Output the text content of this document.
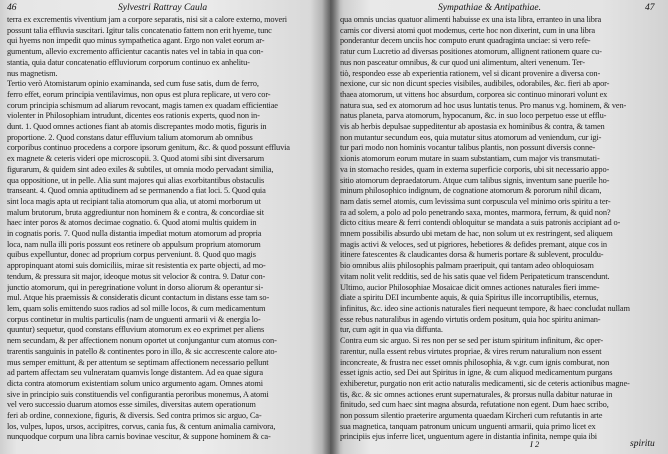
46	Sylvestri Rattray Caula
terra ex excrementis viventium jam a corpore separatis, nisi sit a calore externo, moveri
possunt talia effluvia suscitari. Igitur talis concatenatio fattem non erit hyeme, tunc
qui hyems non impedit quo minus sympathetica agant. Ergo non valet eorum ar-
gumentum, allevio excremento afficientur cacantis nates vel in tabia in qua con-
stantia, quia datur concatenatio effluviorum corporum continuo ex anhelitu-
nus magnetism.
Tertio verò Atomistarum opinio examinanda, sed cum fuse satis, dum de ferro,
ferro effet, eorum principia ventilavimus, non opus est plura replicare, ut vero cor-
corum principia schismum ad aliarum revocant, magis tamen ex quadam efficientiae
violenter in Philosophiam intrudunt, dicentes eos rationis experts, quod non in-
dunt. 1. Quod omnes actiones fiant ab atomis discrepantes modo motis, figuris in
proportione. 2. Quod constans datur effluvium talium atomorum ab omnibus
corporibus continuo procedens a corpore ipsorum genitum, &c. & quod possunt effluvia
ex magnete & ceteris videri ope microscopii. 3. Quod atomi sibi sint diversarum
figurarum, & quidem sint adeo exiles & subtiles, ut omnia modo pervadant similia,
qua oppositione, ut in pelle. Alia sunt majores qui alias exorbitantibus obstaculis
transeant. 4. Quod omnia aptitudinem ad se permanendo a fiat loci. 5. Quod quia
sint loca magis apta ut recipiant talia atomorum qua alia, ut atomi morborum ut
malum brutorum, bruta aggrediuntur non hominem & e contra, & concordiae sit
haec inter poros & atomos decimae cognatio. 6. Quod atomi multis quidem in
in cognatis poris. 7. Quod nulla distantia impediat motum atomorum ad propria
loca, nam nulla illi poris possunt eos retinere ob appulsum proprium atomorum
quibus expelluntur, donec ad proprium corpus perveniunt. 8. Quod quo magis
appropinquant atomi suis domiciliis, mirae sit resistentia ex parte objecti, ad mo-
tendum, & pressura sit major, ideoque motus sit velocior & contra. 9. Datur con-
junctio atomorum, qui in peregrinatione volunt in dorso aliorum & operantur si-
mul. Atque his praemissis & consideratis dicunt contactum in distans esse tam so-
lem, quam solis emittendo suos radios ad sol mille locos, & cum medicamentum
corpus continetur in multis particulis (nam de unguenti armarii vi & energia lo-
quuntur) sequetur, quod constans effluvium atomorum ex eo exprimet per aliens
nem secundam, & per affectionem nonum oportet ut conjungantur cum atomus con-
trarentis sanguinis in patello & continentes poro in illo, & sic accrescente calore ato-
mus semper emittunt, & per attentum se septimam affectionem necessario pellunt
ad partem affectam seu vulneratam quamvis longe distantem. Ad ea quae sigura
dicta contra atomorum existentiam solum unico argumento agam. Omnes atomi
sive in principio suis constituendis vel configurantia peroribus monemus, A atomi
vel vero successio duarum atomos esse similes, diversitas autem operationum
feri ab ordine, connexione, figuris, & diversis. Sed contra primos sic arguo, Ca-
los, vulpes, lupos, ursos, accipitres, corvus, cania fus, & centum animalia carnivora,
nunquodque corpum una libra carnis bovinae vescitur, & suppone hominem & ca-
Sympathiae & Antipathiae.	47
qua omnis uncias quatuor alimenti habuisse ex una ista libra, erranteo in una libra
carnis cor diversi atomi quot modemus, certe hoc non dixerint, cum in una libra
ponderantur decem unciis hoc computo erunt quadraginta unciae: si vero refe-
ratur cum Lucretio ad diversas positiones atomorum, allignent rationem quare cu-
nus non pasceatur omnibus, & cur quod uni alimentum, alteri venenum. Ter-
tiò, respondeo esse ab experientia rationem, vel si dicant provenire a diversa con-
nexione, cur sic non dicunt species visibiles, audibiles, odorabiles, &c. fieri ab apor-
thaea atomorum, ut vittens hoc absurdum, corporea sic continuo minorari volunt ex
natura sua, sed ex atomorum ad hoc usus luntatis tenus. Pro manus v.g. hominem, & ven-
natus planeta, parva atomorum, hypocanum, &c. in suo loco perpetuo esse ut efflu-
vis ab herbis depulsae suppeditentur ab apostasia ex hominibus & contra, & tamen
non mutantur secundum eos, quia mutatur situs atomorum ad veniendum, cur igi-
tur pari modo non hominis vocantur talibus plantis, non possunt diversis conne-
xionis atomorum eorum mutare in suam substantiam, cum major vis transmutati-
va in stomacho resides, quam in externa superficie corporis, ubi sit necessario appo-
sitio atomorum depraedatorum. Atque cum talibus signis, inventum sane puerile ho-
minum philosophico indignum, de cognatione atomorum & pororum nihil dicam,
nam datis semel atomis, cum levissima sunt corpuscula vel minimo oris spiritu a ter-
ra ad solem, a polo ad polo penetrando saxa, montes, marmora, ferrum, & quid non?
dicto citius meare & ferri contendi obloquitur se mandata a suis patronis accipiant ad o-
mnem possibilis absurdo ubi metam de hac, non solum ut ex restringent, sed aliquem
magis activi & veloces, sed ut pigriores, hebetiores & defides premant, atque cos in
itinere fatescentes & claudicantes dorsa & humeris portare & sublevent, proculdu-
bio omnibus aliis philosophis palmam praeripuit, qui tantam adeo obloquiosam
vitam nolit velit redditis, sed de his satis quae vel fidem Peripateticum transcendunt.
Ultimo, aucior Philosophiae Mosaicae dicit omnes actiones naturales fieri imme-
diate a spiritu DEI incumbente aquis, & quia Spiritus ille incorruptibilis, eternus,
infinitus, &c. ideo sine actionis naturales fieri nequeunt tempore, & haec concludat nullam
esse rebus naturalibus in agendo virtutis ordem positum, quia hoc spiritu animan-
tur, cum agit in qua via diffunta.
Contra eum sic arguo. Si res non per se sed per istum spiritum infinitum, &c oper-
rarentur, nulla essent rebus virtutes propriae, & vires rerum naturalium non essent
inconcreate, & frustra nec esset omnis philosophia, & v.gr. cum ignis comburat, non
esset ignis actio, sed Dei aut Spiritus in igne, & cum aliquod medicamentum purgans
exhiberetur, purgatio non erit actio naturalis medicamenti, sic de ceteris actionibus magne-
tis, &c. & sic omnes actiones erunt supernaturales, & prorsus nulla dabitur naturae in
finitudo, sed cum haec sint magna absurda, refutatione non egent. Dum haec scribo,
non possum silentio praeterire argumenta quaedam Kircheri cum refutantis in arte
sua magnetica, tanquam patronum unicum unguenti armarii, quia primo licet ex
principiis ejus inferre licet, unguentum agere in distantia infinita, nempe quia ibi
I 2	spiritu
